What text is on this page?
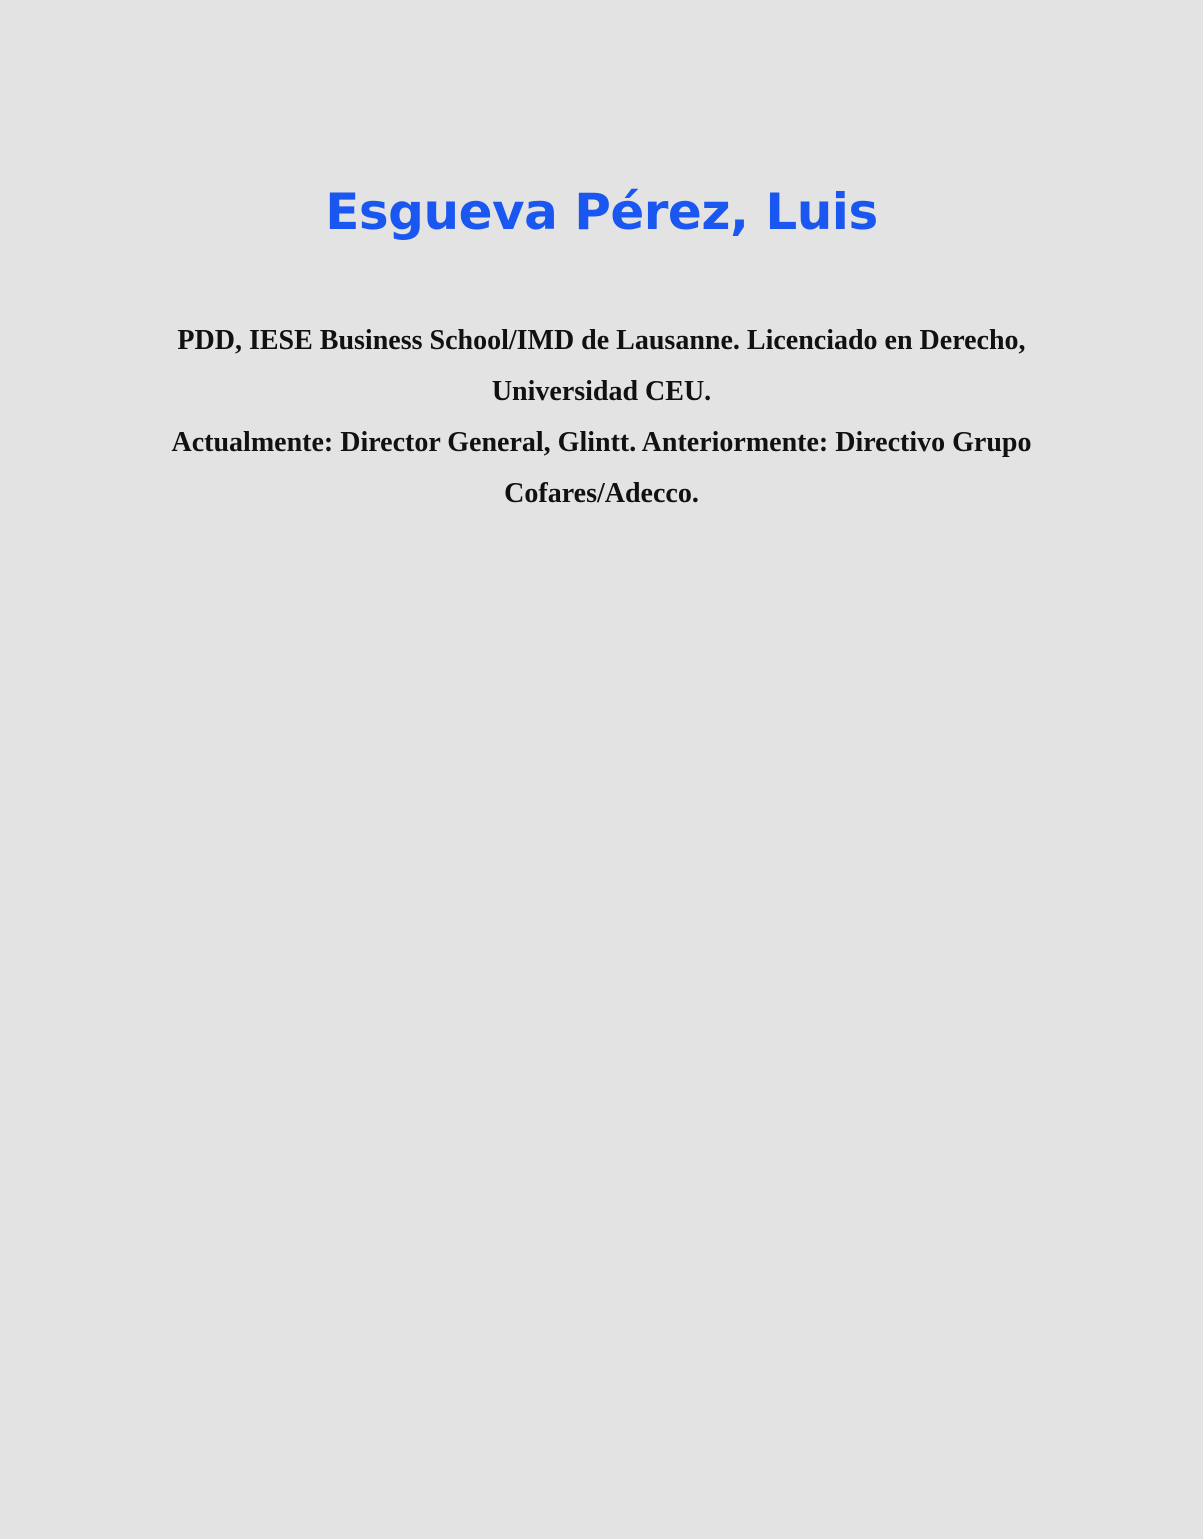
Esgueva Pérez, Luis
PDD, IESE Business School/IMD de Lausanne. Licenciado en Derecho, Universidad CEU.
Actualmente: Director General, Glintt. Anteriormente: Directivo Grupo Cofares/Adecco.
